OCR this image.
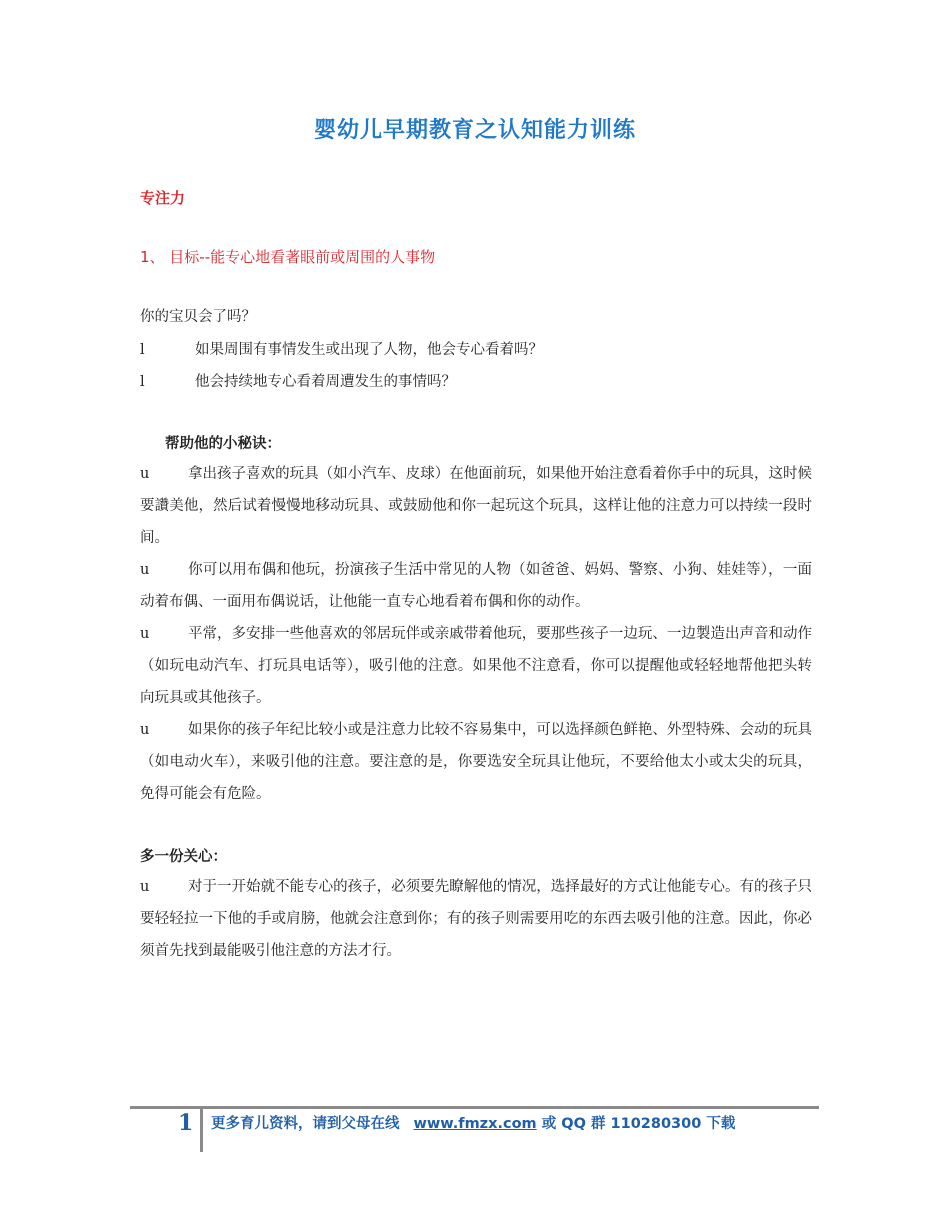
婴幼儿早期教育之认知能力训练
专注力
1、 目标--能专心地看著眼前或周围的人事物
你的宝贝会了吗？
l	如果周围有事情发生或出现了人物，他会专心看着吗？
l	他会持续地专心看着周遭发生的事情吗？
帮助他的小秘诀：
u	拿出孩子喜欢的玩具（如小汽车、皮球）在他面前玩，如果他开始注意看着你手中的玩具，这时候要讚美他，然后试着慢慢地移动玩具、或鼓励他和你一起玩这个玩具，这样让他的注意力可以持续一段时间。
u	你可以用布偶和他玩，扮演孩子生活中常见的人物（如爸爸、妈妈、警察、小狗、娃娃等），一面动着布偶、一面用布偶说话，让他能一直专心地看着布偶和你的动作。
u	平常，多安排一些他喜欢的邻居玩伴或亲戚带着他玩，要那些孩子一边玩、一边製造出声音和动作（如玩电动汽车、打玩具电话等），吸引他的注意。如果他不注意看，你可以提醒他或轻轻地帮他把头转向玩具或其他孩子。
u	如果你的孩子年纪比较小或是注意力比较不容易集中，可以选择颜色鲜艳、外型特殊、会动的玩具（如电动火车），来吸引他的注意。要注意的是，你要选安全玩具让他玩，不要给他太小或太尖的玩具，免得可能会有危险。
多一份关心：
u	对于一开始就不能专心的孩子，必须要先瞭解他的情况，选择最好的方式让他能专心。有的孩子只要轻轻拉一下他的手或肩膀，他就会注意到你；有的孩子则需要用吃的东西去吸引他的注意。因此，你必须首先找到最能吸引他注意的方法才行。
1 更多育儿资料，请到父母在线 www.fmzx.com 或 QQ 群 110280300 下载
